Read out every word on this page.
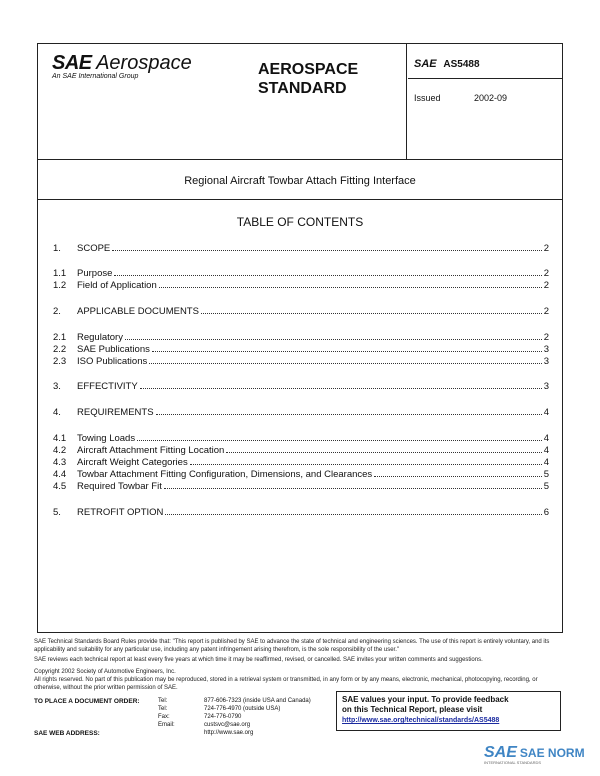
SAE Aerospace
An SAE International Group	AEROSPACE
STANDARD
SAE AS5488
Issued	2002-09
Regional Aircraft Towbar Attach Fitting Interface
TABLE OF CONTENTS
1.	SCOPE	2
1.1	Purpose	2
1.2	Field of Application	2
2.	APPLICABLE DOCUMENTS	2
2.1	Regulatory	2
2.2	SAE Publications	3
2.3	ISO Publications	3
3.	EFFECTIVITY	3
4.	REQUIREMENTS	4
4.1	Towing Loads	4
4.2	Aircraft Attachment Fitting Location	4
4.3	Aircraft Weight Categories	4
4.4	Towbar Attachment Fitting Configuration, Dimensions, and Clearances	5
4.5	Required Towbar Fit	5
5.	RETROFIT OPTION	6
SAE Technical Standards Board Rules provide that: "This report is published by SAE to advance the state of technical and engineering sciences. The use of this report is entirely voluntary, and its applicability and suitability for any particular use, including any patent infringement arising therefrom, is the sole responsibility of the user."
SAE reviews each technical report at least every five years at which time it may be reaffirmed, revised, or cancelled. SAE invites your written comments and suggestions.
Copyright 2002 Society of Automotive Engineers, Inc.
All rights reserved. No part of this publication may be reproduced, stored in a retrieval system or transmitted, in any form or by any means, electronic, mechanical, photocopying, recording, or otherwise, without the prior written permission of SAE.
TO PLACE A DOCUMENT ORDER:
SAE WEB ADDRESS:
Tel:	877-606-7323 (inside USA and Canada)
Tel:	724-776-4970 (outside USA)
Fax:	724-776-0790
Email:	custsvc@sae.org
http://www.sae.org
SAE values your input. To provide feedback
on this Technical Report, please visit
http://www.sae.org/technical/standards/AS5488
SAE SAE NORM
INTERNATIONAL STANDARDS
